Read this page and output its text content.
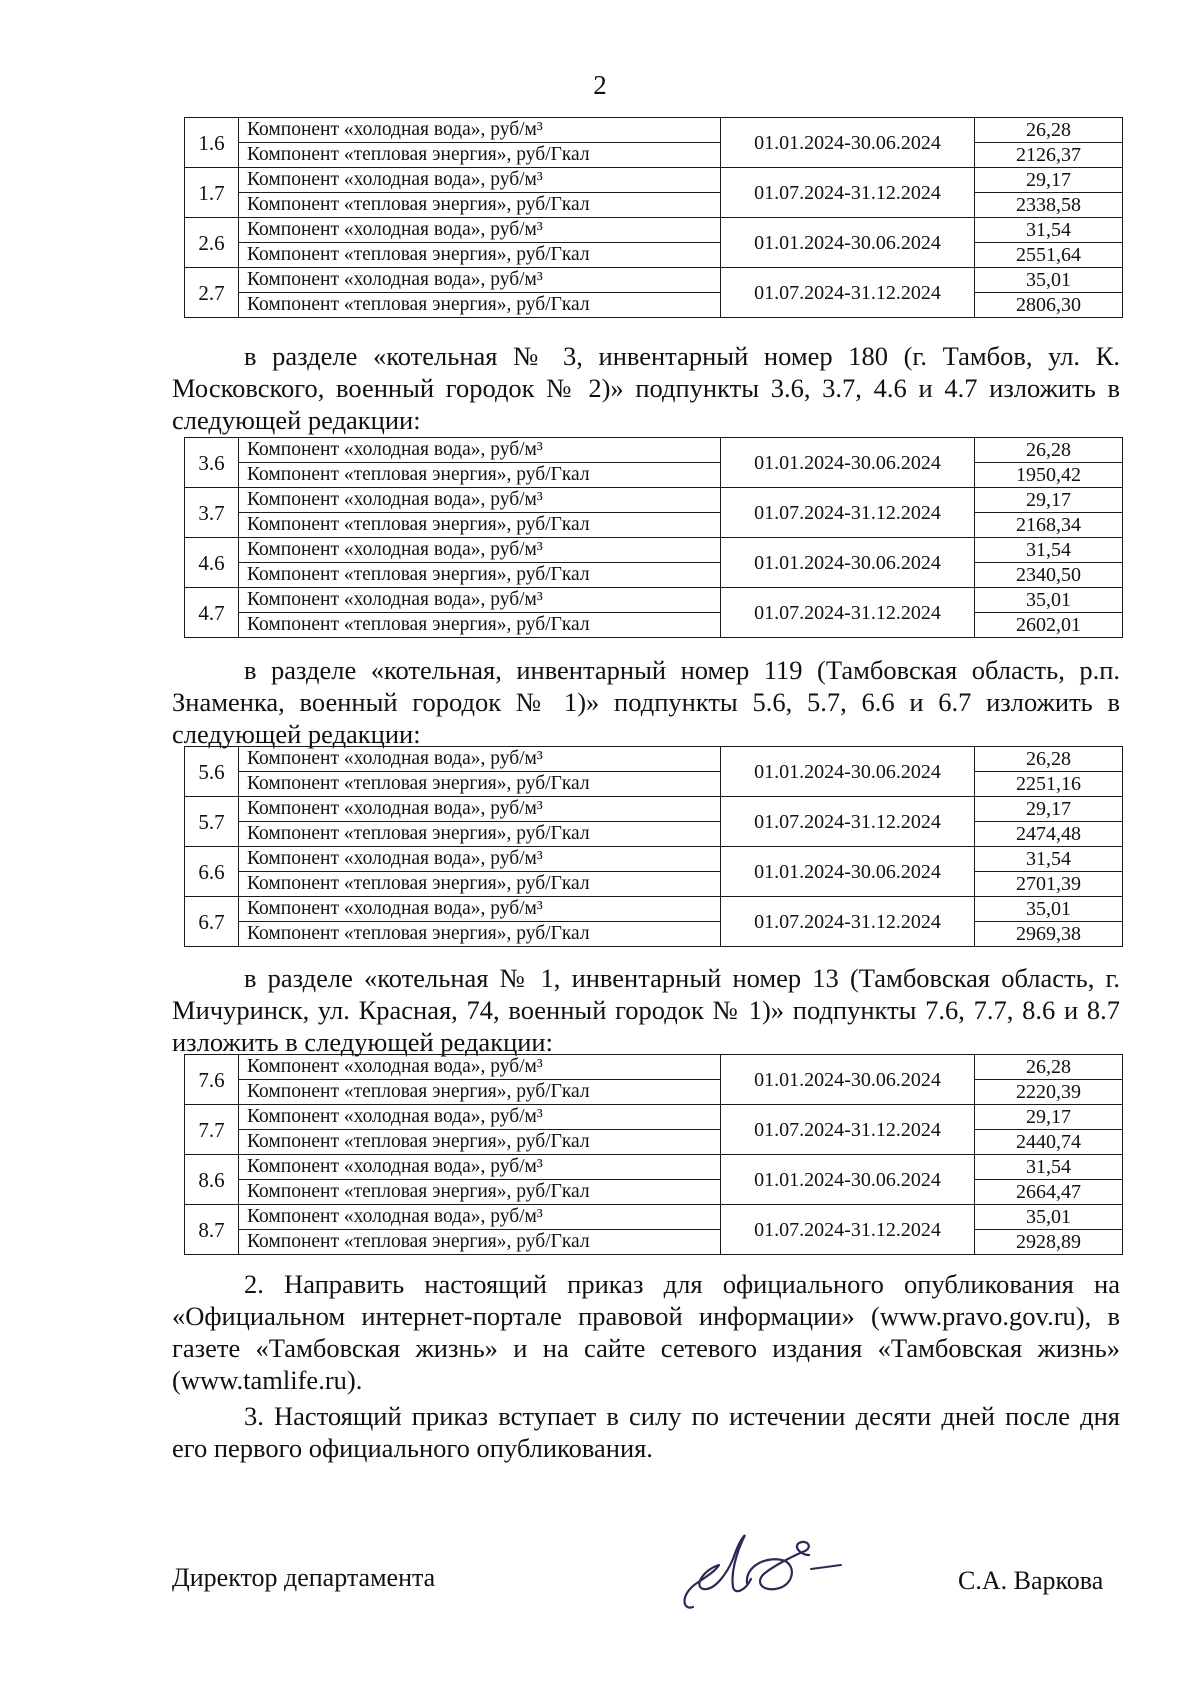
2
1.6	Компонент «холодная вода», руб/м³	01.01.2024-30.06.2024	26,28
	Компонент «тепловая энергия», руб/Гкал		2126,37
1.7	Компонент «холодная вода», руб/м³	01.07.2024-31.12.2024	29,17
	Компонент «тепловая энергия», руб/Гкал		2338,58
2.6	Компонент «холодная вода», руб/м³	01.01.2024-30.06.2024	31,54
	Компонент «тепловая энергия», руб/Гкал		2551,64
2.7	Компонент «холодная вода», руб/м³	01.07.2024-31.12.2024	35,01
	Компонент «тепловая энергия», руб/Гкал		2806,30

в разделе «котельная № 3, инвентарный номер 180 (г. Тамбов, ул. К. Московского, военный городок № 2)» подпункты 3.6, 3.7, 4.6 и 4.7 изложить в следующей редакции:

3.6	Компонент «холодная вода», руб/м³	01.01.2024-30.06.2024	26,28
	Компонент «тепловая энергия», руб/Гкал		1950,42
3.7	Компонент «холодная вода», руб/м³	01.07.2024-31.12.2024	29,17
	Компонент «тепловая энергия», руб/Гкал		2168,34
4.6	Компонент «холодная вода», руб/м³	01.01.2024-30.06.2024	31,54
	Компонент «тепловая энергия», руб/Гкал		2340,50
4.7	Компонент «холодная вода», руб/м³	01.07.2024-31.12.2024	35,01
	Компонент «тепловая энергия», руб/Гкал		2602,01

в разделе «котельная, инвентарный номер 119 (Тамбовская область, р.п. Знаменка, военный городок № 1)» подпункты 5.6, 5.7, 6.6 и 6.7 изложить в следующей редакции:

5.6	Компонент «холодная вода», руб/м³	01.01.2024-30.06.2024	26,28
	Компонент «тепловая энергия», руб/Гкал		2251,16
5.7	Компонент «холодная вода», руб/м³	01.07.2024-31.12.2024	29,17
	Компонент «тепловая энергия», руб/Гкал		2474,48
6.6	Компонент «холодная вода», руб/м³	01.01.2024-30.06.2024	31,54
	Компонент «тепловая энергия», руб/Гкал		2701,39
6.7	Компонент «холодная вода», руб/м³	01.07.2024-31.12.2024	35,01
	Компонент «тепловая энергия», руб/Гкал		2969,38

в разделе «котельная № 1, инвентарный номер 13 (Тамбовская область, г. Мичуринск, ул. Красная, 74, военный городок № 1)» подпункты 7.6, 7.7, 8.6 и 8.7 изложить в следующей редакции:

7.6	Компонент «холодная вода», руб/м³	01.01.2024-30.06.2024	26,28
	Компонент «тепловая энергия», руб/Гкал		2220,39
7.7	Компонент «холодная вода», руб/м³	01.07.2024-31.12.2024	29,17
	Компонент «тепловая энергия», руб/Гкал		2440,74
8.6	Компонент «холодная вода», руб/м³	01.01.2024-30.06.2024	31,54
	Компонент «тепловая энергия», руб/Гкал		2664,47
8.7	Компонент «холодная вода», руб/м³	01.07.2024-31.12.2024	35,01
	Компонент «тепловая энергия», руб/Гкал		2928,89

2. Направить настоящий приказ для официального опубликования на «Официальном интернет-портале правовой информации» (www.pravo.gov.ru), в газете «Тамбовская жизнь» и на сайте сетевого издания «Тамбовская жизнь» (www.tamlife.ru).

3. Настоящий приказ вступает в силу по истечении десяти дней после дня его первого официального опубликования.

Директор департамента	С.А. Варкова
